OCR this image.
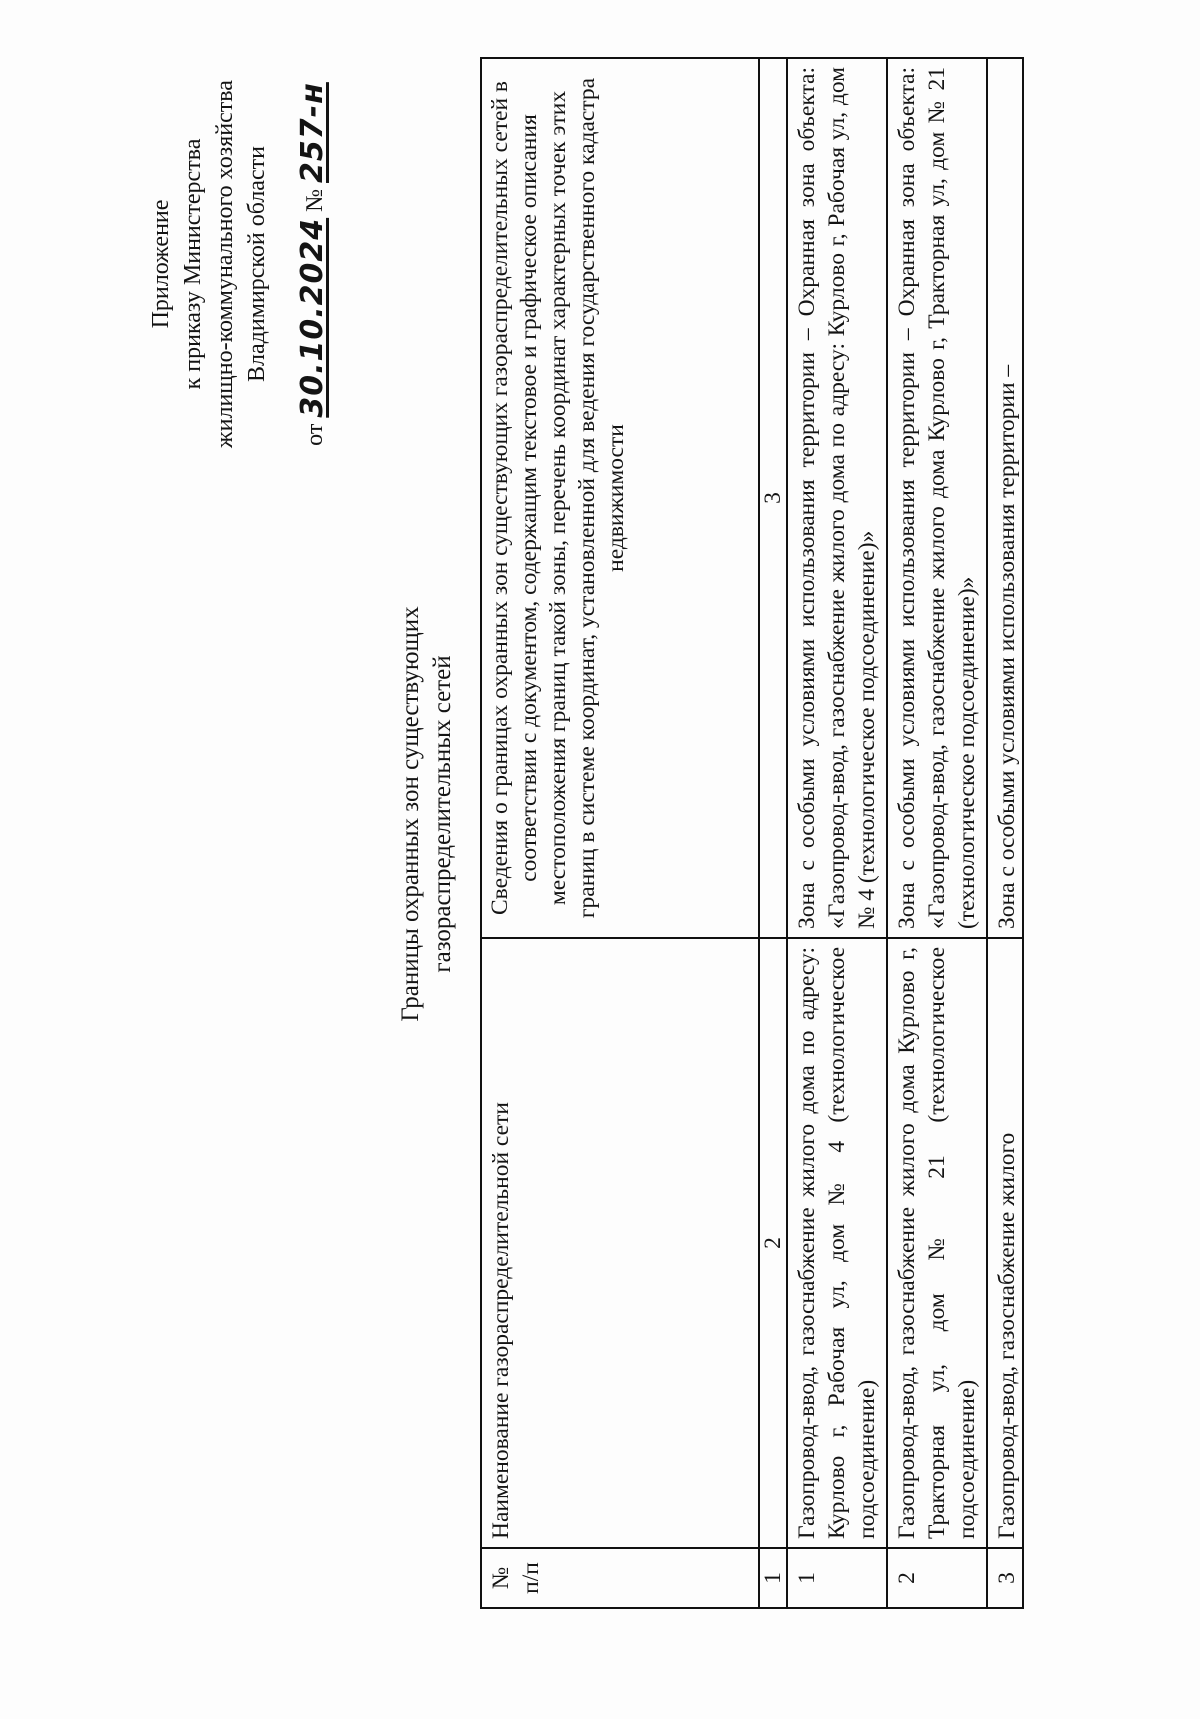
Приложение к приказу Министерства жилищно-коммунального хозяйства Владимирской области
от 30.10.2024 № 257-н
Границы охранных зон существующих газораспределительных сетей
№ п/п	Наименование газораспределительной сети	Сведения о границах охранных зон существующих газораспределительных сетей в соответствии с документом, содержащим текстовое и графическое описания местоположения границ такой зоны, перечень координат характерных точек этих границ в системе координат, установленной для ведения государственного кадастра недвижимости
1	2	3
1	Газопровод-ввод, газоснабжение жилого дома по адресу: Курлово г, Рабочая ул, дом № 4 (технологическое подсоединение)	Зона с особыми условиями использования территории – Охранная зона объекта: «Газопровод-ввод, газоснабжение жилого дома по адресу: Курлово г, Рабочая ул, дом № 4 (технологическое подсоединение)»
2	Газопровод-ввод, газоснабжение жилого дома Курлово г, Тракторная ул, дом № 21 (технологическое подсоединение)	Зона с особыми условиями использования территории – Охранная зона объекта: «Газопровод-ввод, газоснабжение жилого дома Курлово г, Тракторная ул, дом № 21 (технологическое подсоединение)»
3	Газопровод-ввод, газоснабжение жилого	Зона с особыми условиями использования территории –
